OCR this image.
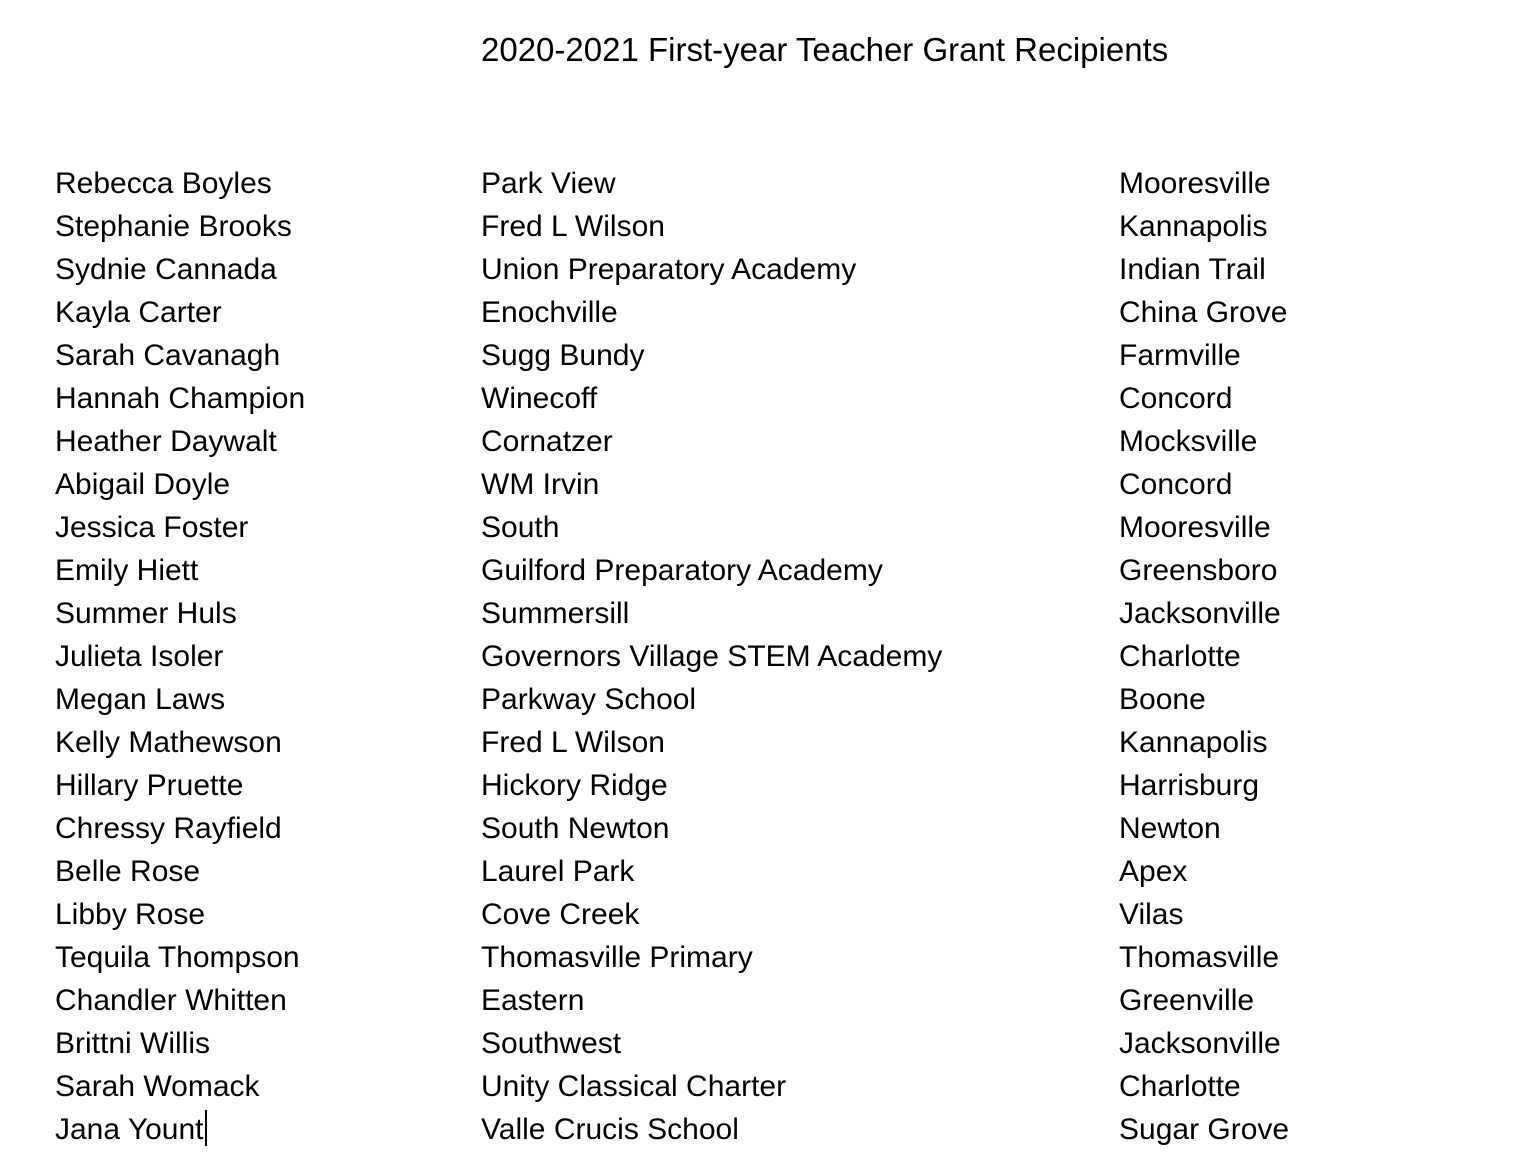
2020-2021 First-year Teacher Grant Recipients
Rebecca Boyles	Park View	Mooresville
Stephanie Brooks	Fred L Wilson	Kannapolis
Sydnie Cannada	Union Preparatory Academy	Indian Trail
Kayla Carter	Enochville	China Grove
Sarah Cavanagh	Sugg Bundy	Farmville
Hannah Champion	Winecoff	Concord
Heather Daywalt	Cornatzer	Mocksville
Abigail Doyle	WM Irvin	Concord
Jessica Foster	South	Mooresville
Emily Hiett	Guilford Preparatory Academy	Greensboro
Summer Huls	Summersill	Jacksonville
Julieta Isoler	Governors Village STEM Academy	Charlotte
Megan Laws	Parkway School	Boone
Kelly Mathewson	Fred L Wilson	Kannapolis
Hillary Pruette	Hickory Ridge	Harrisburg
Chressy Rayfield	South Newton	Newton
Belle Rose	Laurel Park	Apex
Libby Rose	Cove Creek	Vilas
Tequila Thompson	Thomasville Primary	Thomasville
Chandler Whitten	Eastern	Greenville
Brittni Willis	Southwest	Jacksonville
Sarah Womack	Unity Classical Charter	Charlotte
Jana Yount	Valle Crucis School	Sugar Grove
